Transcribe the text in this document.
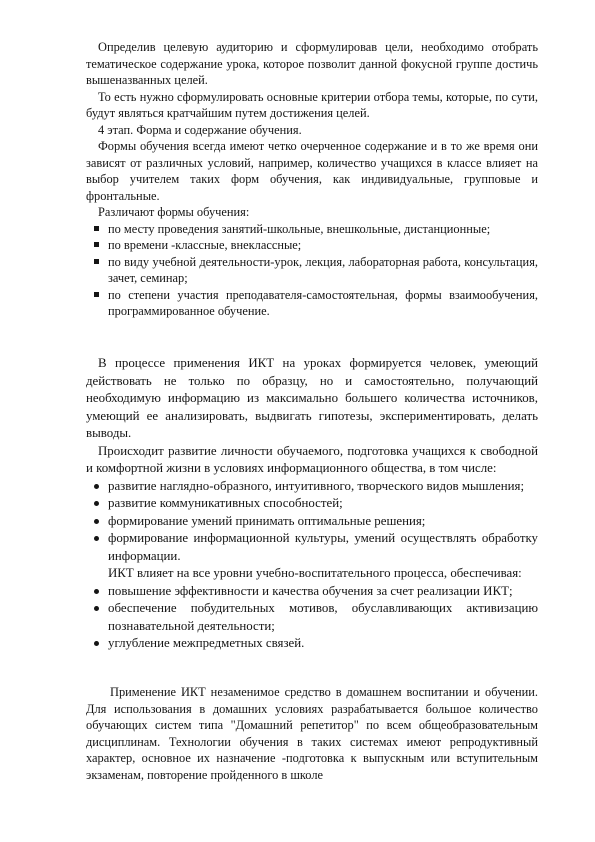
Определив целевую аудиторию и сформулировав цели, необходимо отобрать тематическое содержание урока, которое позволит данной фокусной группе достичь вышеназванных целей.

То есть нужно сформулировать основные критерии отбора темы, которые, по сути, будут являться кратчайшим путем достижения целей.

4 этап. Форма и содержание обучения.

Формы обучения всегда имеют четко очерченное содержание и в то же время они зависят от различных условий, например, количество учащихся в классе влияет на выбор учителем таких форм обучения, как индивидуальные, групповые и фронтальные.

Различают формы обучения:

по месту проведения занятий-школьные, внешкольные, дистанционные;
по времени -классные, внеклассные;
по виду учебной деятельности-урок, лекция, лабораторная работа, консультация, зачет, семинар;
по степени участия преподавателя-самостоятельная, формы взаимообучения, программированное обучение.

В процессе применения ИКТ на уроках формируется человек, умеющий действовать не только по образцу, но и самостоятельно, получающий необходимую информацию из максимально большего количества источников, умеющий ее анализировать, выдвигать гипотезы, экспериментировать, делать выводы.

Происходит развитие личности обучаемого, подготовка учащихся к свободной и комфортной жизни в условиях информационного общества, в том числе:

развитие наглядно-образного, интуитивного, творческого видов мышления;
развитие коммуникативных способностей;
формирование умений принимать оптимальные решения;
формирование информационной культуры, умений осуществлять обработку информации.

ИКТ влияет на все уровни учебно-воспитательного процесса, обеспечивая:

повышение эффективности и качества обучения за счет реализации ИКТ;
обеспечение побудительных мотивов, обуславливающих активизацию познавательной деятельности;
углубление межпредметных связей.

Применение ИКТ незаменимое средство в домашнем воспитании и обучении. Для использования в домашних условиях разрабатывается большое количество обучающих систем типа "Домашний репетитор" по всем общеобразовательным дисциплинам. Технологии обучения в таких системах имеют репродуктивный характер, основное их назначение -подготовка к выпускным или вступительным экзаменам, повторение пройденного в школе
